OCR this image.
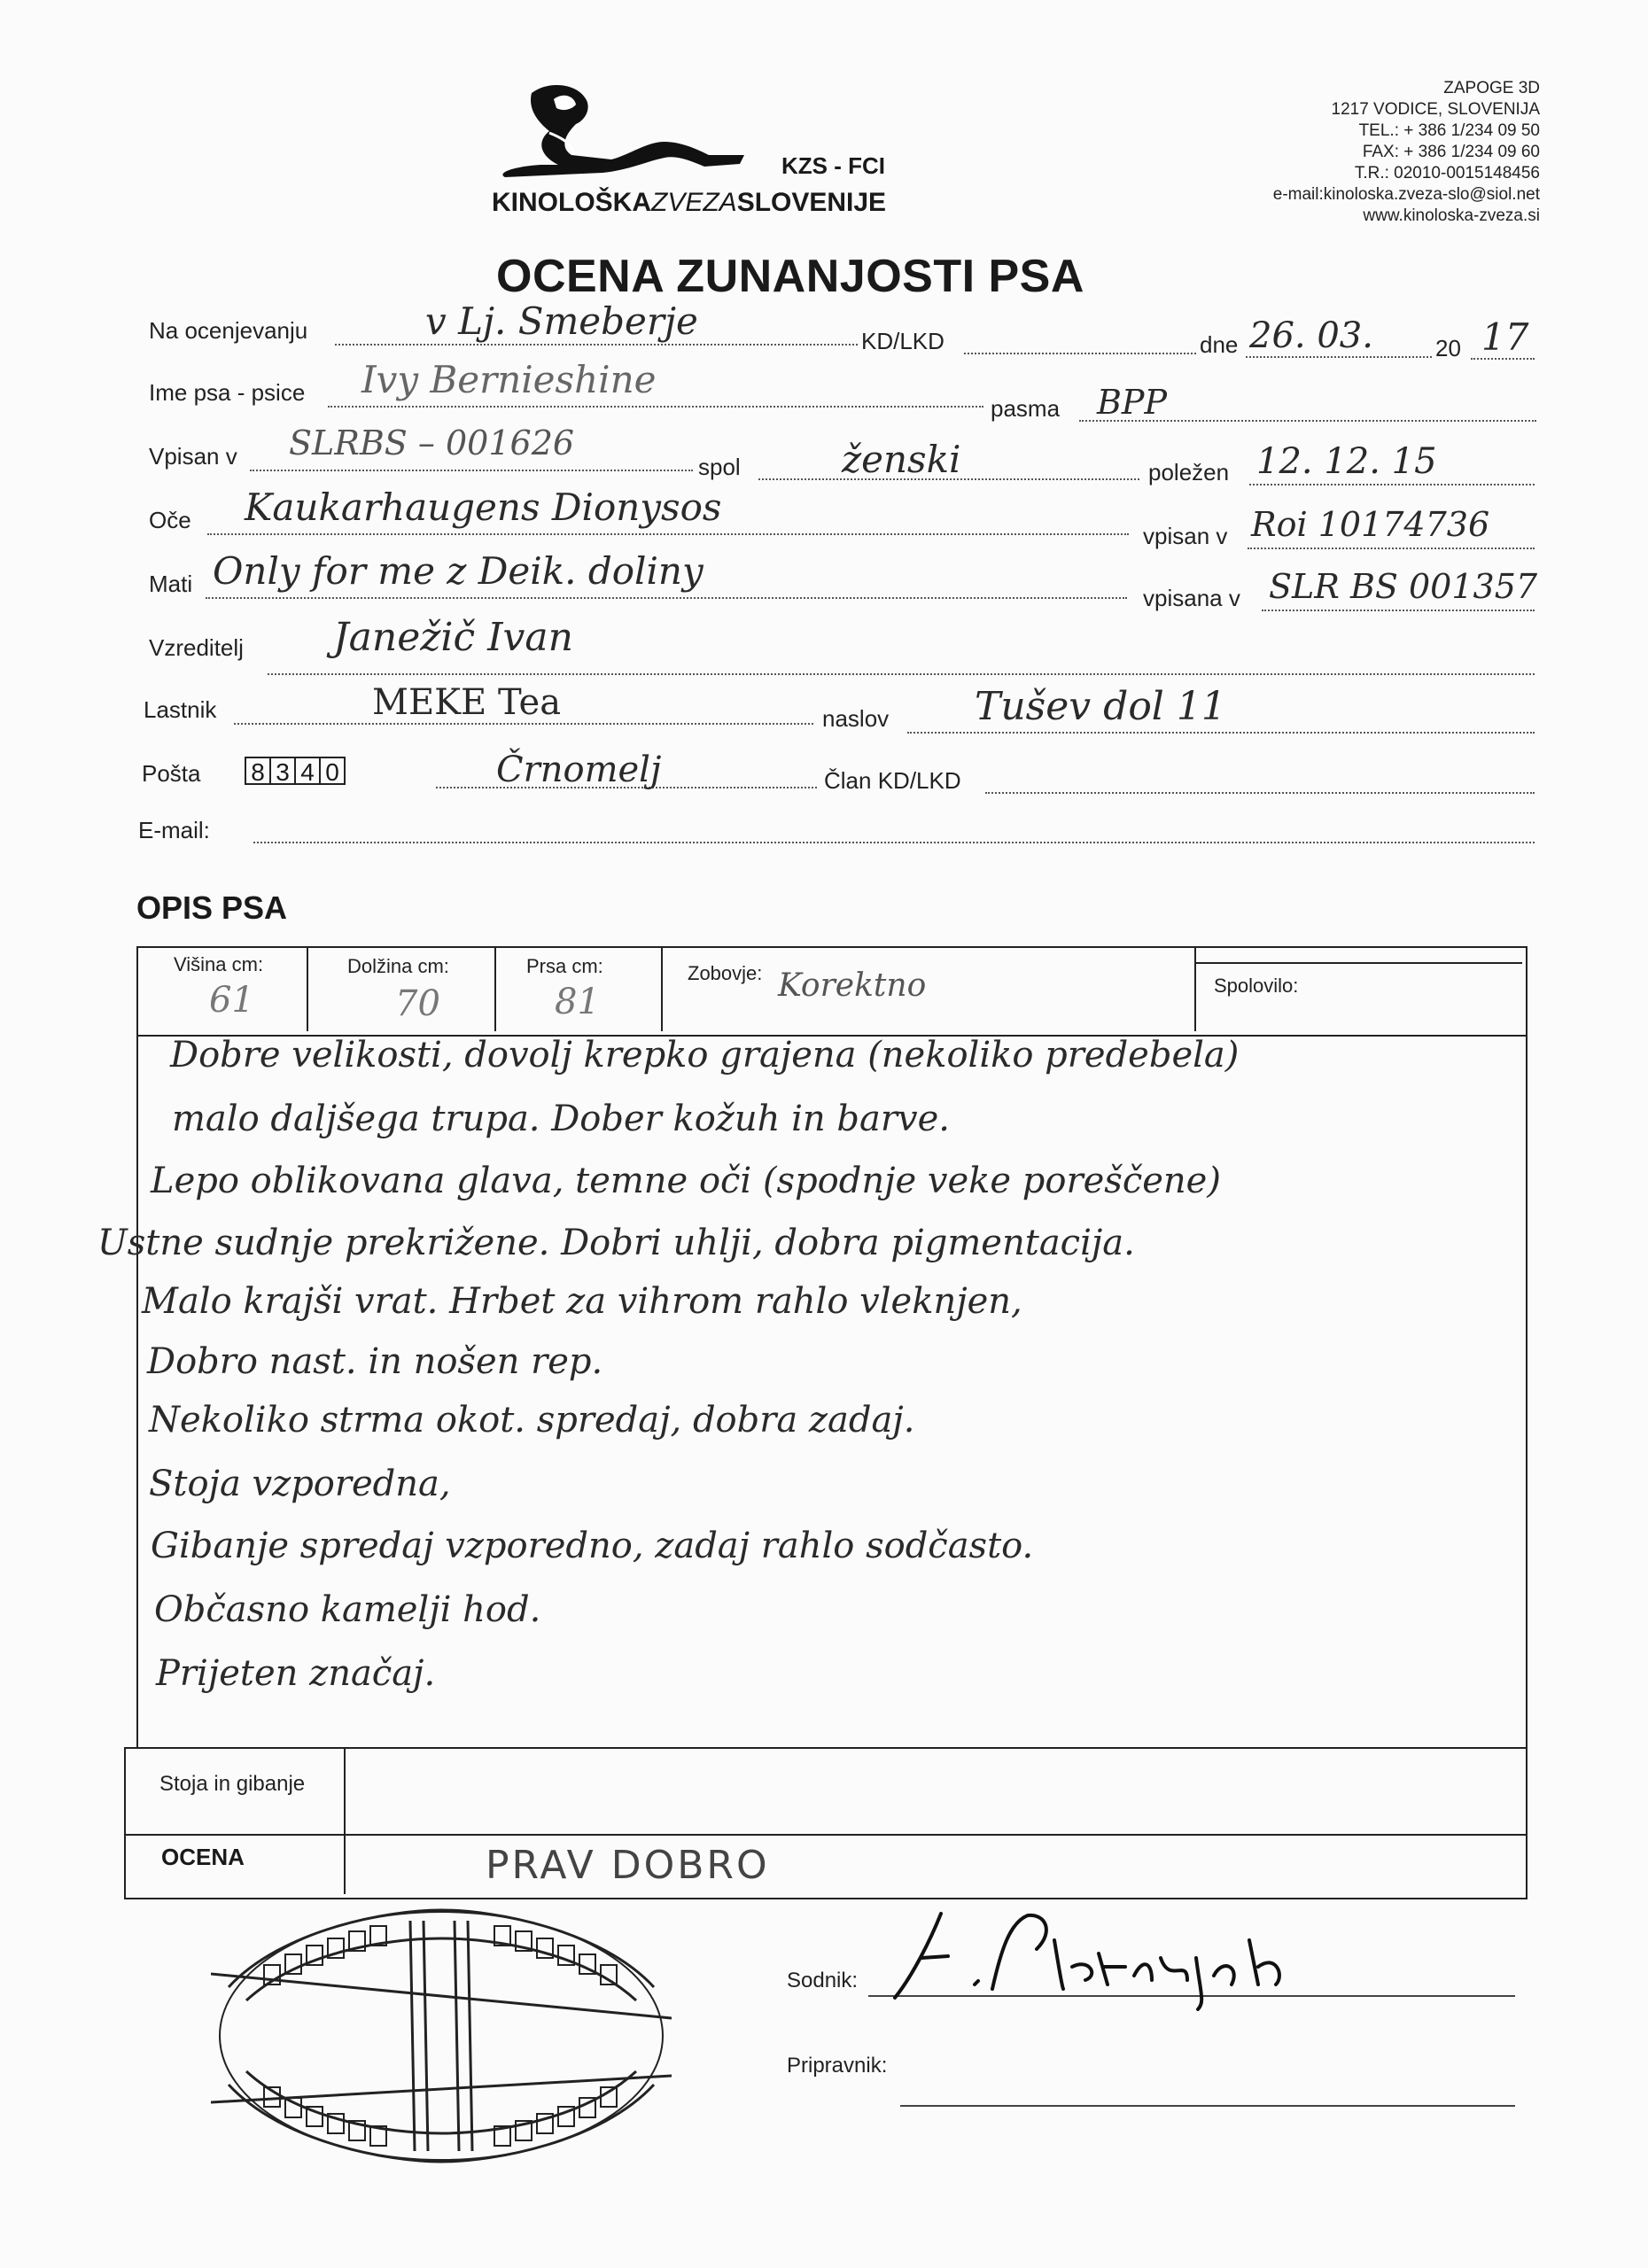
KZS - FCI
KINOLOŠKAZVEZASLOVENIJE
ZAPOGE 3D
1217 VODICE, SLOVENIJA
TEL.: + 386 1/234 09 50
FAX: + 386 1/234 09 60
T.R.: 02010-0015148456
e-mail:kinoloska.zveza-slo@siol.net
www.kinoloska-zveza.si
OCENA ZUNANJOSTI PSA
Na ocenjevanju	v Lj. Smeberje	KD/LKD	dne 26. 03.	20 17
Ime psa - psice Ivy Bernieshine
pasma BPP
Vpisan v SLRBS – 001626
spol	ženski	poležen 12. 12. 15
Oče Kaukarhaugens Dionysos
vpisan v Roi 10174736
Mati Only for me z Deik. doliny
vpisana v SLR BS 001357
Vzreditelj Janežič Ivan
Lastnik	MEKE Tea	naslov Tušev dol 11
Pošta 8 3 4 0	Črnomelj	Član KD/LKD
E-mail:
OPIS PSA
Višina cm:
61
Dolžina cm:
70
Prsa cm:
81
Zobovje: Korektno	Spolovilo:
Dobre velikosti, dovolj krepko grajena (nekoliko predebela)
malo daljšega trupa. Dober kožuh in barve.
Lepo oblikovana glava, temne oči (spodnje veke poreščene)
Ustne sudnje prekrižene. Dobri uhlji, dobra pigmentacija.
Malo krajši vrat. Hrbet za vihrom rahlo vleknjen,
Dobro nast. in nošen rep.
Nekoliko strma okot. spredaj, dobra zadaj.
Stoja vzporedna,
Gibanje spredaj vzporedno, zadaj rahlo sodčasto.
Občasno kamelji hod.
Prijeten značaj.
Stoja in gibanje
OCENA	PRAV DOBRO
Sodnik:
Pripravnik:
